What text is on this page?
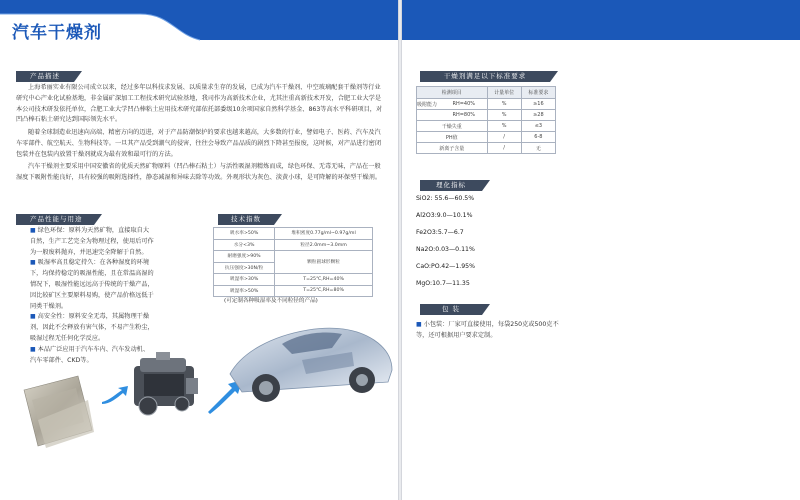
汽车干燥剂
产品描述
上海希丽实业有限公司成立以来，经过多年以科技求发展、以质量求生存的发展，已成为汽车干燥剂、中空玻璃配套干燥剂等行业研究中心产业化试验基地，非金属矿深加工工程技术研究试验基地，我司作为高新技术企业，尤其注重高新技术开发，合肥工业大学是本公司技术研发依托单位，合肥工业大学凹凸棒粘土应用技术研究部依托部委级10余项国家自然科学基金、863等高水平科研项目，对凹凸棒石粘土研究达到国际领先水平。
随着全球制造业迅速向高端、精密方向的迈进，对于产品防潮保护的要求也越来越高，大多数的行业，譬如电子、医药、汽车及汽车零部件、航空航天、生物科技等。一旦其产品受到潮气的侵害，往往会导致产品品质的剧烈下降甚至报废，这时候，对产品进行密闭包装并在包装内放置干燥剂就成为最有效和最可行的方法。
汽车干燥剂主要采用中国安徽省的优质天然矿物原料（凹凸棒石粘土）与活性吸湿剂精炼而成，绿色环保、无毒无味，产品在一般湿度下吸附性能良好，具有较强的吸附选择性，静态减湿和异味去除等功效。外观形状为灰色、淡黄小球，是可降解的环保型干燥剂。
产品性能与用途
■ 绿色环保：原料为天然矿物，直接取自大自然，生产工艺完全为物理过程，使用后可作为一般废料抛弃，并迅速完全降解于自然。
■ 吸湿率高且稳定持久：在各种湿度的环境下，均保持稳定的吸湿性能，且在常温高湿的情况下，吸湿性能远远高于传统的干燥产品，因比较矿区主要原料易购，使产品价格远低于同类干燥剂。
■ 高安全性：原料安全无毒，其属物理干燥剂，因此不会释放有害气体，不易产生粉尘，吸湿过程无任何化学反应。
■ 本品广泛应用于汽车车内、汽车发动机、汽车零部件、CKD等。
技术指数
吸水率>50%	堆积密度0.77g/ml~0.97g/ml
水分<3%	粒径2.0mm~3.0mm
耐磨强度>90%	颗粒圆球形颗粒
抗压强度>30N/粒	
吸湿率>30%	T=25℃,RH=40%
吸湿率>50%	T=25℃,RH=80%
(可定制各种吸湿率及不同粒径的产品)
干燥剂满足以下标准要求
检测项目	计量单位	标准要求

吸附能力 RH=40%	%	≥16
RH=80%	%	≥28
干燥失重	%	≤3
PH值	/	6-8
新离子含量	/	无
理化指标
SiO2: 55.6—60.5%
Al2O3:9.0—10.1%
Fe2O3:5.7—6.7
Na2O:0.03—0.11%
CaO:PO.42—1.95%
MgO:10.7—11.35
包 装
■ 小包装：厂家可直接使用，每袋250克或500克不等，还可根据用户要求定制。
